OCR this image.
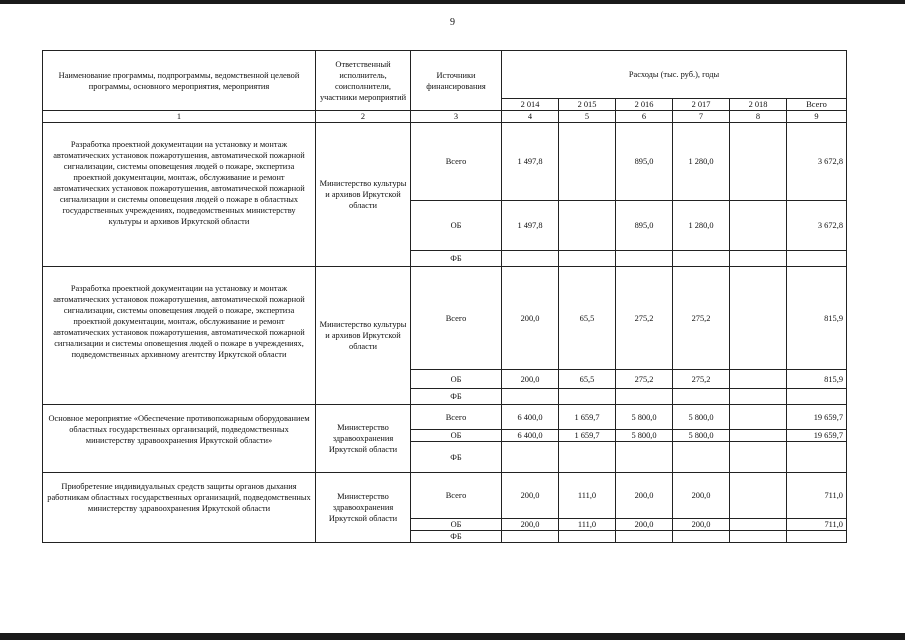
9
Наименование программы, подпрограммы, ведомственной целевой программы, основного мероприятия, мероприятия	Ответственный исполнитель, соисполнители, участники мероприятий	Источники финансирования	Расходы (тыс. руб.), годы					
			2 014	2 015	2 016	2 017	2 018	Всего
1	2	3	4	5	6	7	8	9
Разработка проектной документации на установку и монтаж автоматических установок пожаротушения, автоматической пожарной сигнализации, системы оповещения людей о пожаре, экспертиза проектной документации, монтаж, обслуживание и ремонт автоматических установок пожаротушения, автоматической пожарной сигнализации и системы оповещения людей о пожаре в областных государственных учреждениях, подведомственных министерству культуры и архивов Иркутской области	Министерство культуры и архивов Иркутской области	Всего	1 497,8		895,0	1 280,0		3 672,8
		ОБ	1 497,8		895,0	1 280,0		3 672,8
		ФБ						
Разработка проектной документации на установку и монтаж автоматических установок пожаротушения, автоматической пожарной сигнализации, системы оповещения людей о пожаре, экспертиза проектной документации, монтаж, обслуживание и ремонт автоматических установок пожаротушения, автоматической пожарной сигнализации и системы оповещения людей о пожаре в учреждениях, подведомственных архивному агентству Иркутской области	Министерство культуры и архивов Иркутской области	Всего	200,0	65,5	275,2	275,2		815,9
		ОБ	200,0	65,5	275,2	275,2		815,9
		ФБ						
Основное мероприятие «Обеспечение противопожарным оборудованием областных государственных организаций, подведомственных министерству здравоохранения Иркутской области»	Министерство здравоохранения Иркутской области	Всего	6 400,0	1 659,7	5 800,0	5 800,0		19 659,7
		ОБ	6 400,0	1 659,7	5 800,0	5 800,0		19 659,7
		ФБ						
Приобретение индивидуальных средств защиты органов дыхания работникам областных государственных организаций, подведомственных министерству здравоохранения Иркутской области	Министерство здравоохранения Иркутской области	Всего	200,0	111,0	200,0	200,0		711,0
		ОБ	200,0	111,0	200,0	200,0		711,0
		ФБ						
